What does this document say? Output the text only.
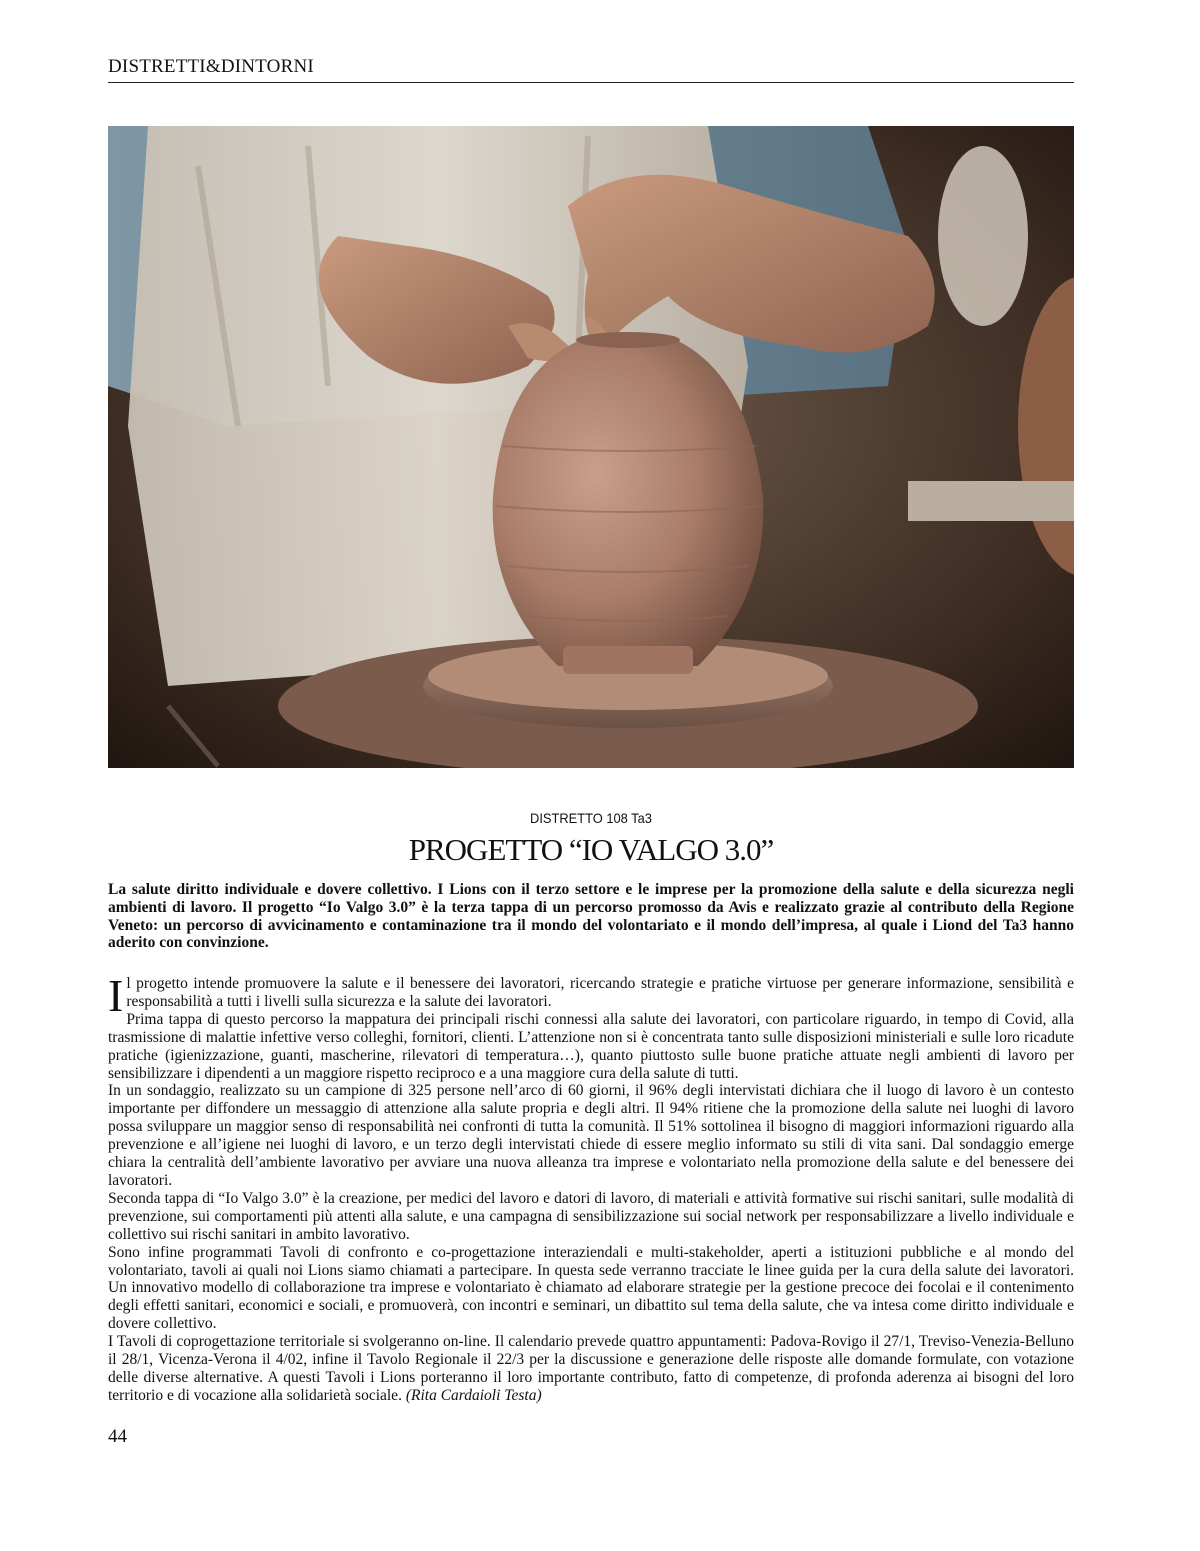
DISTRETTI&DINTORNI
DISTRETTO 108 Ta3
PROGETTO “IO VALGO 3.0”
La salute diritto individuale e dovere collettivo. I Lions con il terzo settore e le imprese per la promozione della salute e della sicurezza negli ambienti di lavoro. Il progetto “Io Valgo 3.0” è la terza tappa di un percorso promosso da Avis e realizzato grazie al contributo della Regione Veneto: un percorso di avvicinamento e contaminazione tra il mondo del volontariato e il mondo dell’impresa, al quale i Liond del Ta3 hanno aderito con convinzione.

Il progetto intende promuovere la salute e il benessere dei lavoratori, ricercando strategie e pratiche virtuose per generare informazione, sensibilità e responsabilità a tutti i livelli sulla sicurezza e la salute dei lavoratori.

Prima tappa di questo percorso la mappatura dei principali rischi connessi alla salute dei lavoratori, con particolare riguardo, in tempo di Covid, alla trasmissione di malattie infettive verso colleghi, fornitori, clienti. L’attenzione non si è concentrata tanto sulle disposizioni ministeriali e sulle loro ricadute pratiche (igienizzazione, guanti, mascherine, rilevatori di temperatura…), quanto piuttosto sulle buone pratiche attuate negli ambienti di lavoro per sensibilizzare i dipendenti a un maggiore rispetto reciproco e a una maggiore cura della salute di tutti.

In un sondaggio, realizzato su un campione di 325 persone nell’arco di 60 giorni, il 96% degli intervistati dichiara che il luogo di lavoro è un contesto importante per diffondere un messaggio di attenzione alla salute propria e degli altri. Il 94% ritiene che la promozione della salute nei luoghi di lavoro possa sviluppare un maggior senso di responsabilità nei confronti di tutta la comunità. Il 51% sottolinea il bisogno di maggiori informazioni riguardo alla prevenzione e all’igiene nei luoghi di lavoro, e un terzo degli intervistati chiede di essere meglio informato su stili di vita sani. Dal sondaggio emerge chiara la centralità dell’ambiente lavorativo per avviare una nuova alleanza tra imprese e volontariato nella promozione della salute e del benessere dei lavoratori.

Seconda tappa di “Io Valgo 3.0” è la creazione, per medici del lavoro e datori di lavoro, di materiali e attività formative sui rischi sanitari, sulle modalità di prevenzione, sui comportamenti più attenti alla salute, e una campagna di sensibilizzazione sui social network per responsabilizzare a livello individuale e collettivo sui rischi sanitari in ambito lavorativo.

Sono infine programmati Tavoli di confronto e co-progettazione interaziendali e multi-stakeholder, aperti a istituzioni pubbliche e al mondo del volontariato, tavoli ai quali noi Lions siamo chiamati a partecipare. In questa sede verranno tracciate le linee guida per la cura della salute dei lavoratori. Un innovativo modello di collaborazione tra imprese e volontariato è chiamato ad elaborare strategie per la gestione precoce dei focolai e il contenimento degli effetti sanitari, economici e sociali, e promuoverà, con incontri e seminari, un dibattito sul tema della salute, che va intesa come diritto individuale e dovere collettivo.

I Tavoli di coprogettazione territoriale si svolgeranno on-line. Il calendario prevede quattro appuntamenti: Padova-Rovigo il 27/1, Treviso-Venezia-Belluno il 28/1, Vicenza-Verona il 4/02, infine il Tavolo Regionale il 22/3 per la discussione e generazione delle risposte alle domande formulate, con votazione delle diverse alternative. A questi Tavoli i Lions porteranno il loro importante contributo, fatto di competenze, di profonda aderenza ai bisogni del loro territorio e di vocazione alla solidarietà sociale. (Rita Cardaioli Testa)

44
